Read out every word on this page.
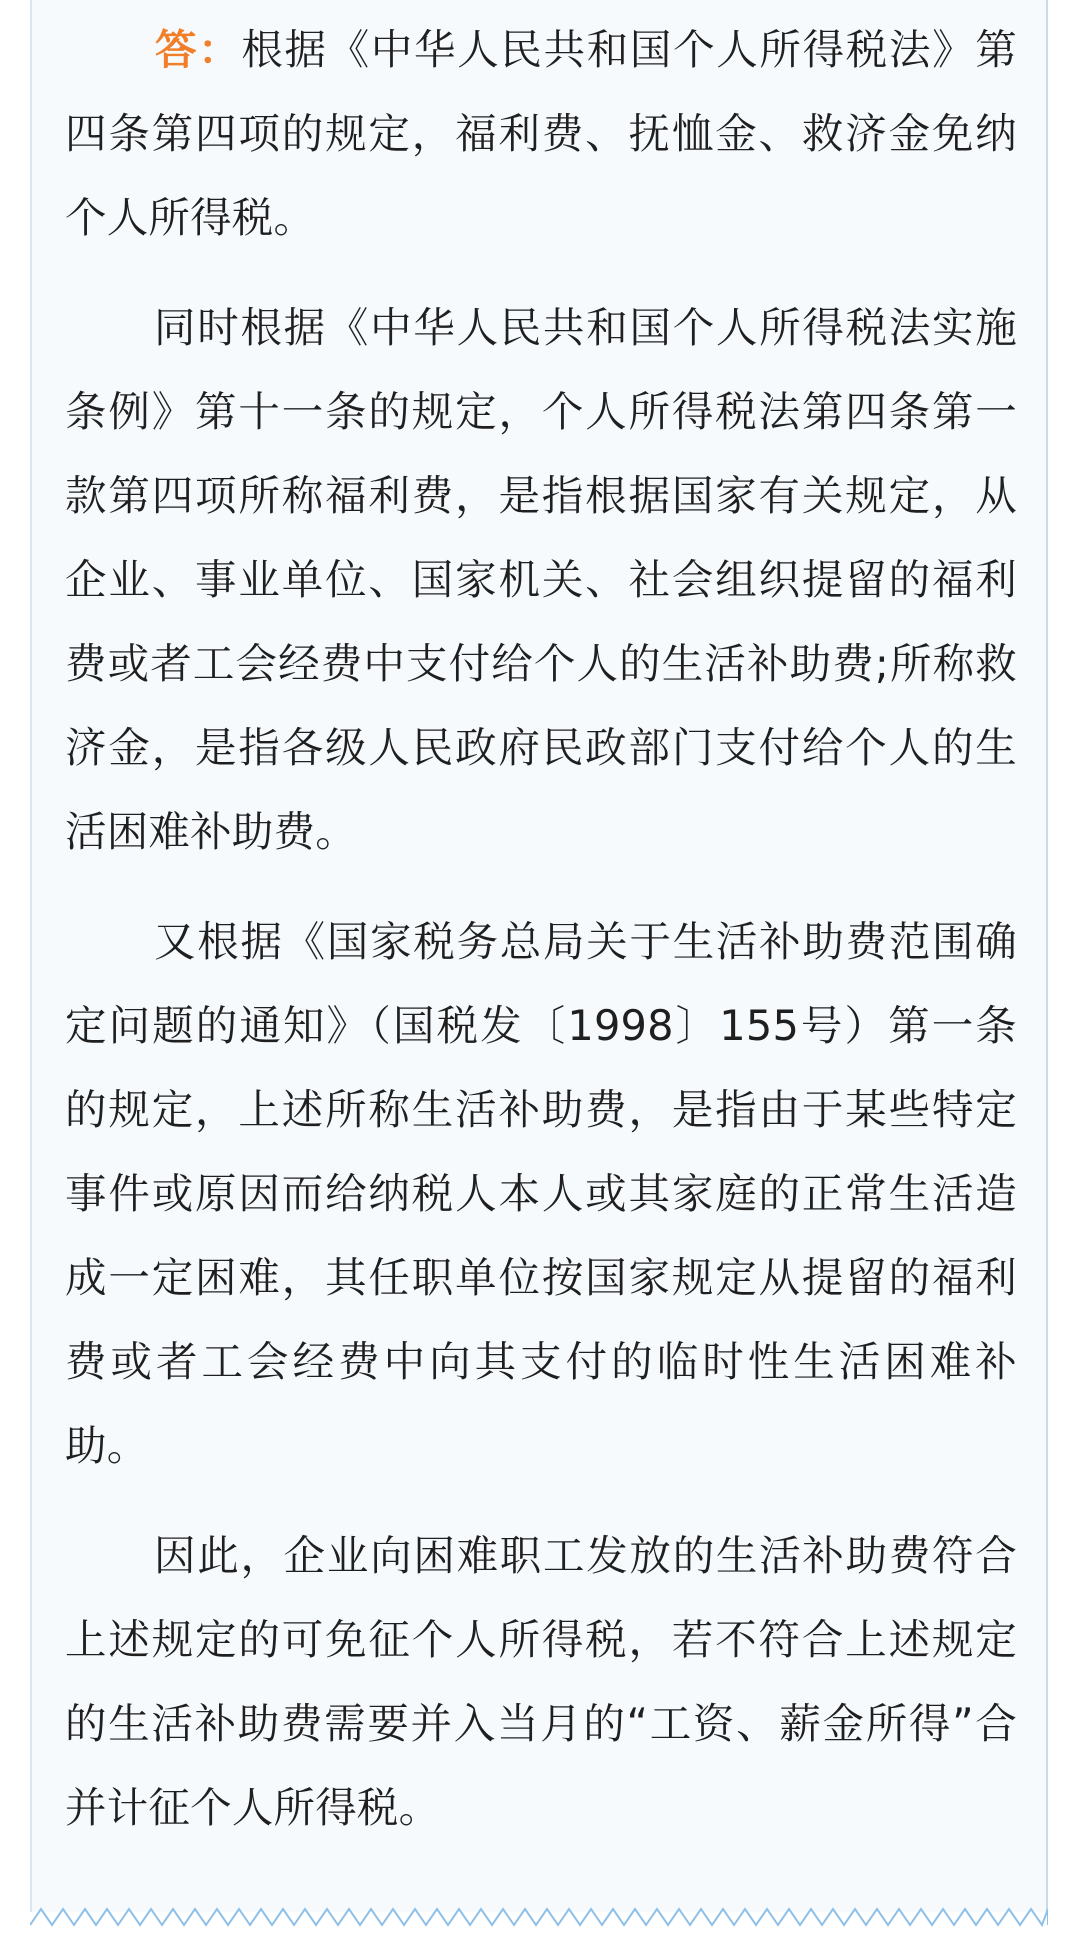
答：根据《中华人民共和国个人所得税法》第四条第四项的规定，福利费、抚恤金、救济金免纳个人所得税。

同时根据《中华人民共和国个人所得税法实施条例》第十一条的规定，个人所得税法第四条第一款第四项所称福利费，是指根据国家有关规定，从企业、事业单位、国家机关、社会组织提留的福利费或者工会经费中支付给个人的生活补助费;所称救济金，是指各级人民政府民政部门支付给个人的生活困难补助费。

又根据《国家税务总局关于生活补助费范围确定问题的通知》（国税发〔1998〕155号）第一条的规定，上述所称生活补助费，是指由于某些特定事件或原因而给纳税人本人或其家庭的正常生活造成一定困难，其任职单位按国家规定从提留的福利费或者工会经费中向其支付的临时性生活困难补助。

因此，企业向困难职工发放的生活补助费符合上述规定的可免征个人所得税，若不符合上述规定的生活补助费需要并入当月的“工资、薪金所得”合并计征个人所得税。
